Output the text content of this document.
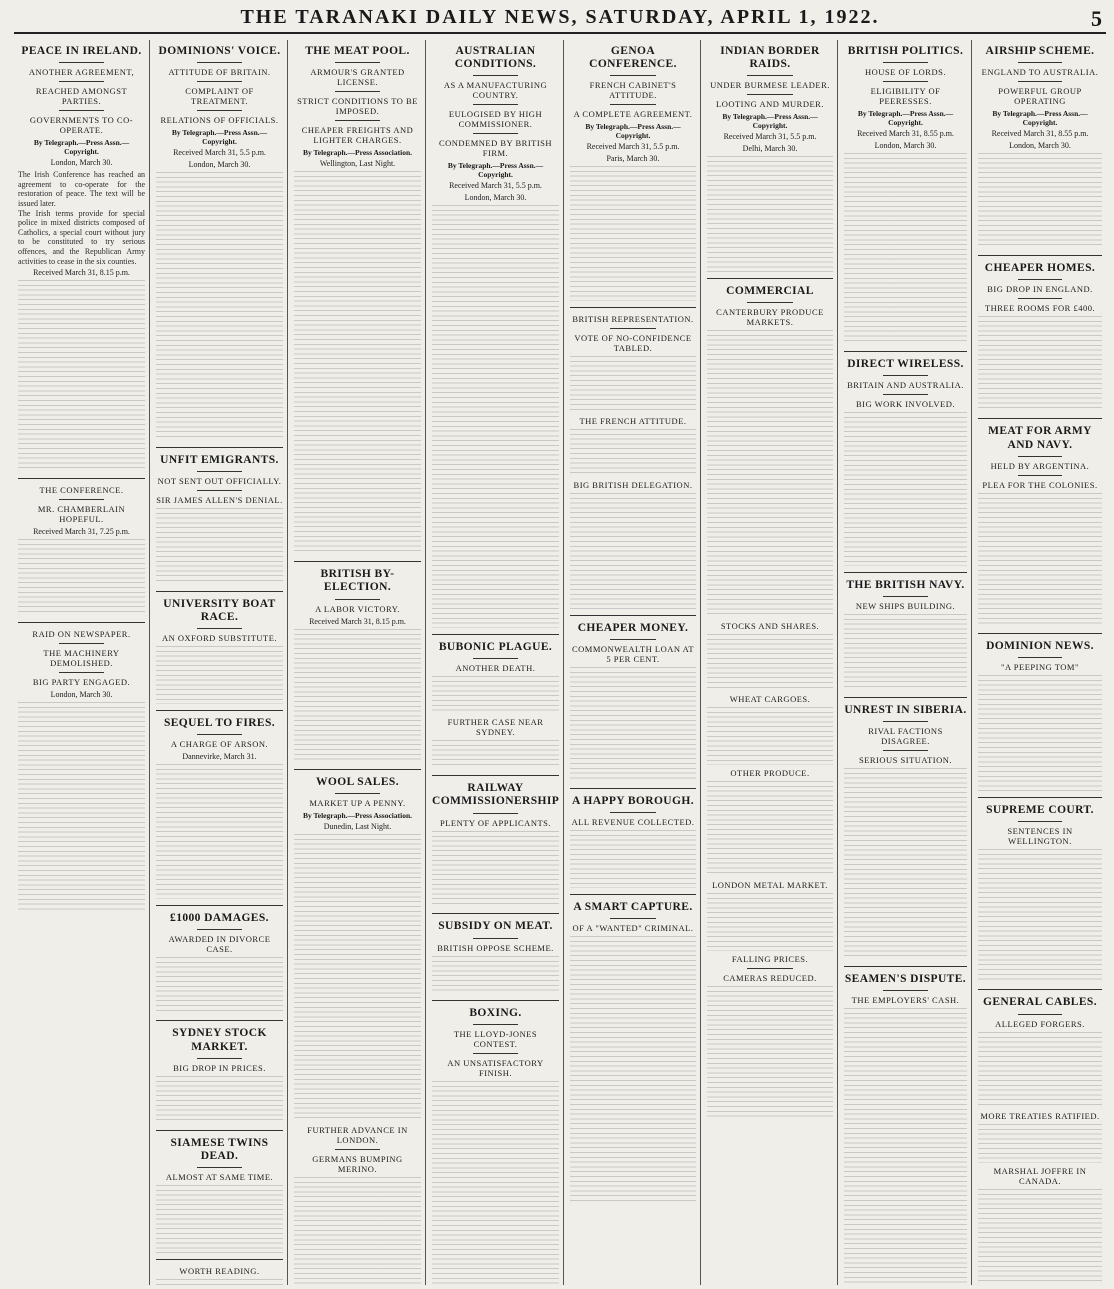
THE TARANAKI DAILY NEWS, SATURDAY, APRIL 1, 1922.	5
PEACE IN IRELAND.
ANOTHER AGREEMENT,
REACHED AMONGST PARTIES.
GOVERNMENTS TO CO-OPERATE.
By Telegraph.—Press Assn.—Copyright.
London, March 30.
The Irish Conference has reached an agreement to co-operate for the restoration of peace. The text will be issued later.
The Irish terms provide for special police in mixed districts composed of Catholics, a special court without jury to be constituted to try serious offences, and the Republican Army activities to cease in the six counties.
Received March 31, 8.15 p.m.
THE CONFERENCE.
MR. CHAMBERLAIN HOPEFUL.
Received March 31, 7.25 p.m.
RAID ON NEWSPAPER.
THE MACHINERY DEMOLISHED.
BIG PARTY ENGAGED.
London, March 30.
DOMINIONS' VOICE.
ATTITUDE OF BRITAIN.
COMPLAINT OF TREATMENT.
RELATIONS OF OFFICIALS.
By Telegraph.—Press Assn.—Copyright.
Received March 31, 5.5 p.m.
London, March 30.
UNFIT EMIGRANTS.
NOT SENT OUT OFFICIALLY.
SIR JAMES ALLEN'S DENIAL.
UNIVERSITY BOAT RACE.
AN OXFORD SUBSTITUTE.
SEQUEL TO FIRES.
A CHARGE OF ARSON.
Dannevirke, March 31.
£1000 DAMAGES.
AWARDED IN DIVORCE CASE.
SYDNEY STOCK MARKET.
BIG DROP IN PRICES.
SIAMESE TWINS DEAD.
ALMOST AT SAME TIME.
WORTH READING.
THE MEAT POOL.
ARMOUR'S GRANTED LICENSE.
STRICT CONDITIONS TO BE IMPOSED.
CHEAPER FREIGHTS AND LIGHTER CHARGES.
By Telegraph.—Press Association.
Wellington, Last Night.
BRITISH BY-ELECTION.
A LABOR VICTORY.
Received March 31, 8.15 p.m.
WOOL SALES.
MARKET UP A PENNY.
By Telegraph.—Press Association.
Dunedin, Last Night.
FURTHER ADVANCE IN LONDON.
GERMANS BUMPING MERINO.
AUSTRALIAN CONDITIONS.
AS A MANUFACTURING COUNTRY.
EULOGISED BY HIGH COMMISSIONER.
CONDEMNED BY BRITISH FIRM.
By Telegraph.—Press Assn.—Copyright.
Received March 31, 5.5 p.m.
London, March 30.
BUBONIC PLAGUE.
ANOTHER DEATH.
FURTHER CASE NEAR SYDNEY.
RAILWAY COMMISSIONERSHIP
PLENTY OF APPLICANTS.
SUBSIDY ON MEAT.
BRITISH OPPOSE SCHEME.
BOXING.
THE LLOYD-JONES CONTEST.
AN UNSATISFACTORY FINISH.
GENOA CONFERENCE.
FRENCH CABINET'S ATTITUDE.
A COMPLETE AGREEMENT.
By Telegraph.—Press Assn.—Copyright.
Received March 31, 5.5 p.m.
Paris, March 30.
BRITISH REPRESENTATION.
VOTE OF NO-CONFIDENCE TABLED.
THE FRENCH ATTITUDE.
BIG BRITISH DELEGATION.
CHEAPER MONEY.
COMMONWEALTH LOAN AT 5 PER CENT.
A HAPPY BOROUGH.
ALL REVENUE COLLECTED.
A SMART CAPTURE.
OF A "WANTED" CRIMINAL.
INDIAN BORDER RAIDS.
UNDER BURMESE LEADER.
LOOTING AND MURDER.
By Telegraph.—Press Assn.—Copyright.
Received March 31, 5.5 p.m.
Delhi, March 30.
COMMERCIAL
CANTERBURY PRODUCE MARKETS.
STOCKS AND SHARES.
WHEAT CARGOES.
OTHER PRODUCE.
LONDON METAL MARKET.
FALLING PRICES.
CAMERAS REDUCED.
BRITISH POLITICS.
HOUSE OF LORDS.
ELIGIBILITY OF PEERESSES.
By Telegraph.—Press Assn.—Copyright.
Received March 31, 8.55 p.m.
London, March 30.
DIRECT WIRELESS.
BRITAIN AND AUSTRALIA.
BIG WORK INVOLVED.
THE BRITISH NAVY.
NEW SHIPS BUILDING.
UNREST IN SIBERIA.
RIVAL FACTIONS DISAGREE.
SERIOUS SITUATION.
SEAMEN'S DISPUTE.
THE EMPLOYERS' CASH.
AIRSHIP SCHEME.
ENGLAND TO AUSTRALIA.
POWERFUL GROUP OPERATING
By Telegraph.—Press Assn.—Copyright.
Received March 31, 8.55 p.m.
London, March 30.
CHEAPER HOMES.
BIG DROP IN ENGLAND.
THREE ROOMS FOR £400.
MEAT FOR ARMY AND NAVY.
HELD BY ARGENTINA.
PLEA FOR THE COLONIES.
DOMINION NEWS.
"A PEEPING TOM"
SUPREME COURT.
SENTENCES IN WELLINGTON.
GENERAL CABLES.
ALLEGED FORGERS.
MORE TREATIES RATIFIED.
MARSHAL JOFFRE IN CANADA.
